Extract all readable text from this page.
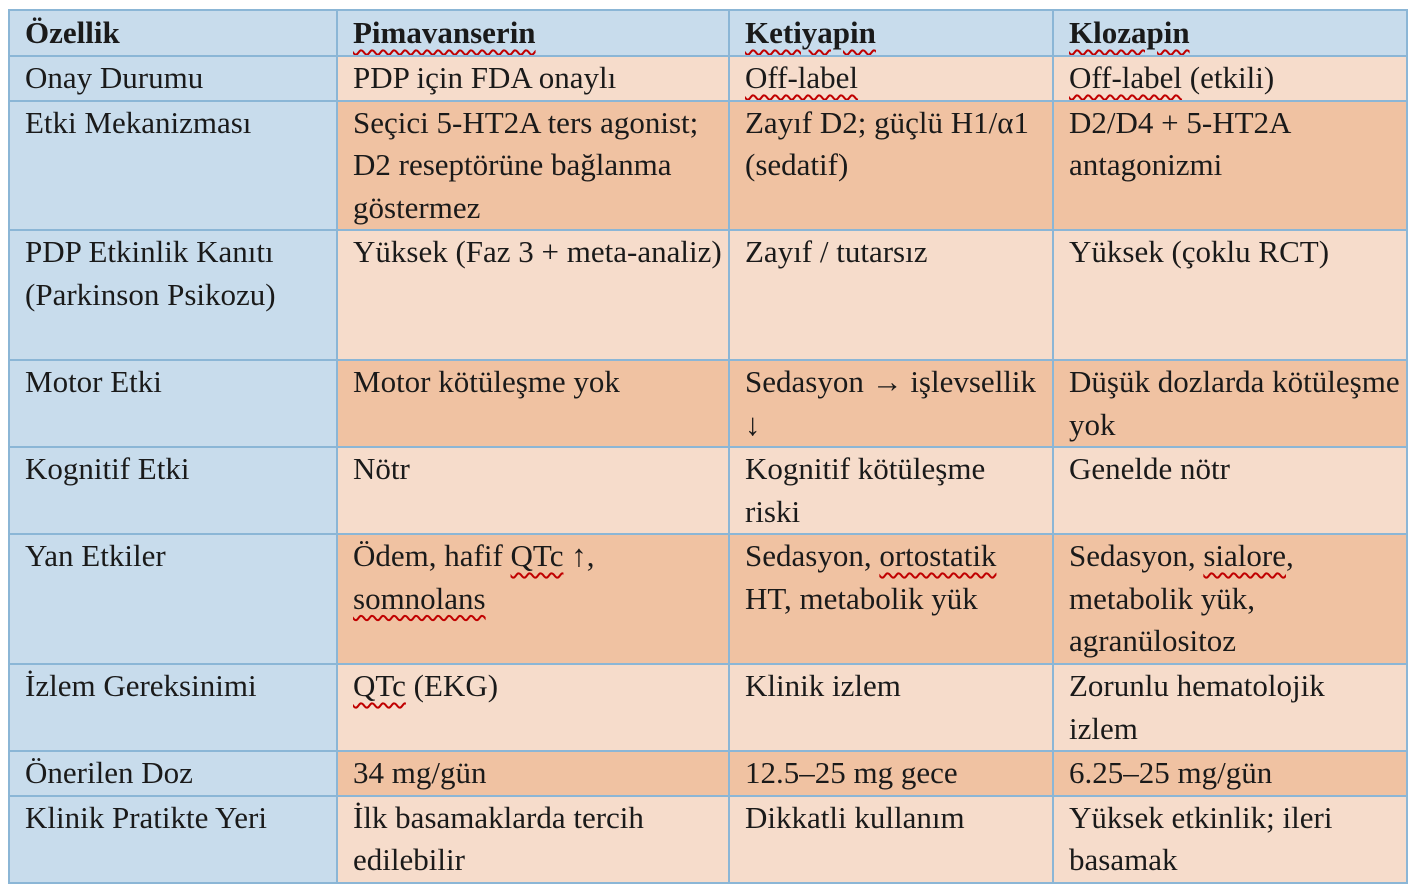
Özellik	Pimavanserin	Ketiyapin	Klozapin
Onay Durumu	PDP için FDA onaylı	Off-label	Off-label (etkili)
Etki Mekanizması	Seçici 5-HT2A ters agonist; D2 reseptörüne bağlanma göstermez	Zayıf D2; güçlü H1/α1 (sedatif)	D2/D4 + 5-HT2A antagonizmi
PDP Etkinlik Kanıtı (Parkinson Psikozu)	Yüksek (Faz 3 + meta-analiz)	Zayıf / tutarsız	Yüksek (çoklu RCT)
Motor Etki	Motor kötüleşme yok	Sedasyon → işlevsellik ↓	Düşük dozlarda kötüleşme yok
Kognitif Etki	Nötr	Kognitif kötüleşme riski	Genelde nötr
Yan Etkiler	Ödem, hafif QTc ↑, somnolans	Sedasyon, ortostatik HT, metabolik yük	Sedasyon, sialore, metabolik yük, agranülositoz
İzlem Gereksinimi	QTc (EKG)	Klinik izlem	Zorunlu hematolojik izlem
Önerilen Doz	34 mg/gün	12.5–25 mg gece	6.25–25 mg/gün
Klinik Pratikte Yeri	İlk basamaklarda tercih edilebilir	Dikkatli kullanım	Yüksek etkinlik; ileri basamak
